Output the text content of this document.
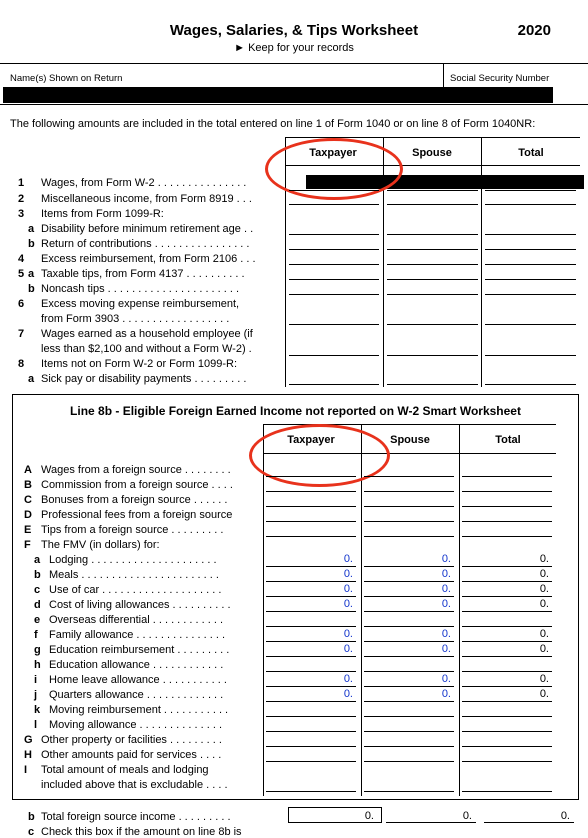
Wages, Salaries, & Tips Worksheet	2020
► Keep for your records
Name(s) Shown on Return	Social Security Number
The following amounts are included in the total entered on line 1 of Form 1040 or on line 8 of Form 1040NR:
Taxpayer	Spouse	Total
1 Wages, from Form W-2 . . . . . . . . . . . . . . .
2 Miscellaneous income, from Form 8919 . . .
3 Items from Form 1099-R:
a Disability before minimum retirement age . .
b Return of contributions . . . . . . . . . . . . . . . .
4 Excess reimbursement, from Form 2106 . . .
5 a Taxable tips, from Form 4137 . . . . . . . . . .
b Noncash tips . . . . . . . . . . . . . . . . . . . . . .
6 Excess moving expense reimbursement,
from Form 3903 . . . . . . . . . . . . . . . . . .
7 Wages earned as a household employee (if
less than $2,100 and without a Form W-2) .
8 Items not on Form W-2 or Form 1099-R:
a Sick pay or disability payments . . . . . . . . .
Line 8b - Eligible Foreign Earned Income not reported on W-2 Smart Worksheet
Taxpayer	Spouse	Total
A Wages from a foreign source . . . . . . . .
B Commission from a foreign source . . . .
C Bonuses from a foreign source . . . . . .
D Professional fees from a foreign source
E Tips from a foreign source . . . . . . . . .
F The FMV (in dollars) for:
a Lodging . . . . . . . . . . . . . . . . . . . . .	0.	0.	0.
b Meals . . . . . . . . . . . . . . . . . . . . . . .	0.	0.	0.
c Use of car . . . . . . . . . . . . . . . . . . . .	0.	0.	0.
d Cost of living allowances . . . . . . . . . .	0.	0.	0.
e Overseas differential . . . . . . . . . . . .
f Family allowance . . . . . . . . . . . . . . .	0.	0.	0.
g Education reimbursement . . . . . . . . .	0.	0.	0.
h Education allowance . . . . . . . . . . . .
i Home leave allowance . . . . . . . . . . .	0.	0.	0.
j Quarters allowance . . . . . . . . . . . . .	0.	0.	0.
k Moving reimbursement . . . . . . . . . . .
l Moving allowance . . . . . . . . . . . . . .
G Other property or facilities . . . . . . . . .
H Other amounts paid for services . . . .
I Total amount of meals and lodging
included above that is excludable . . . .
b Total foreign source income . . . . . . . . .	0.	0.	0.
c Check this box if the amount on line 8b is
